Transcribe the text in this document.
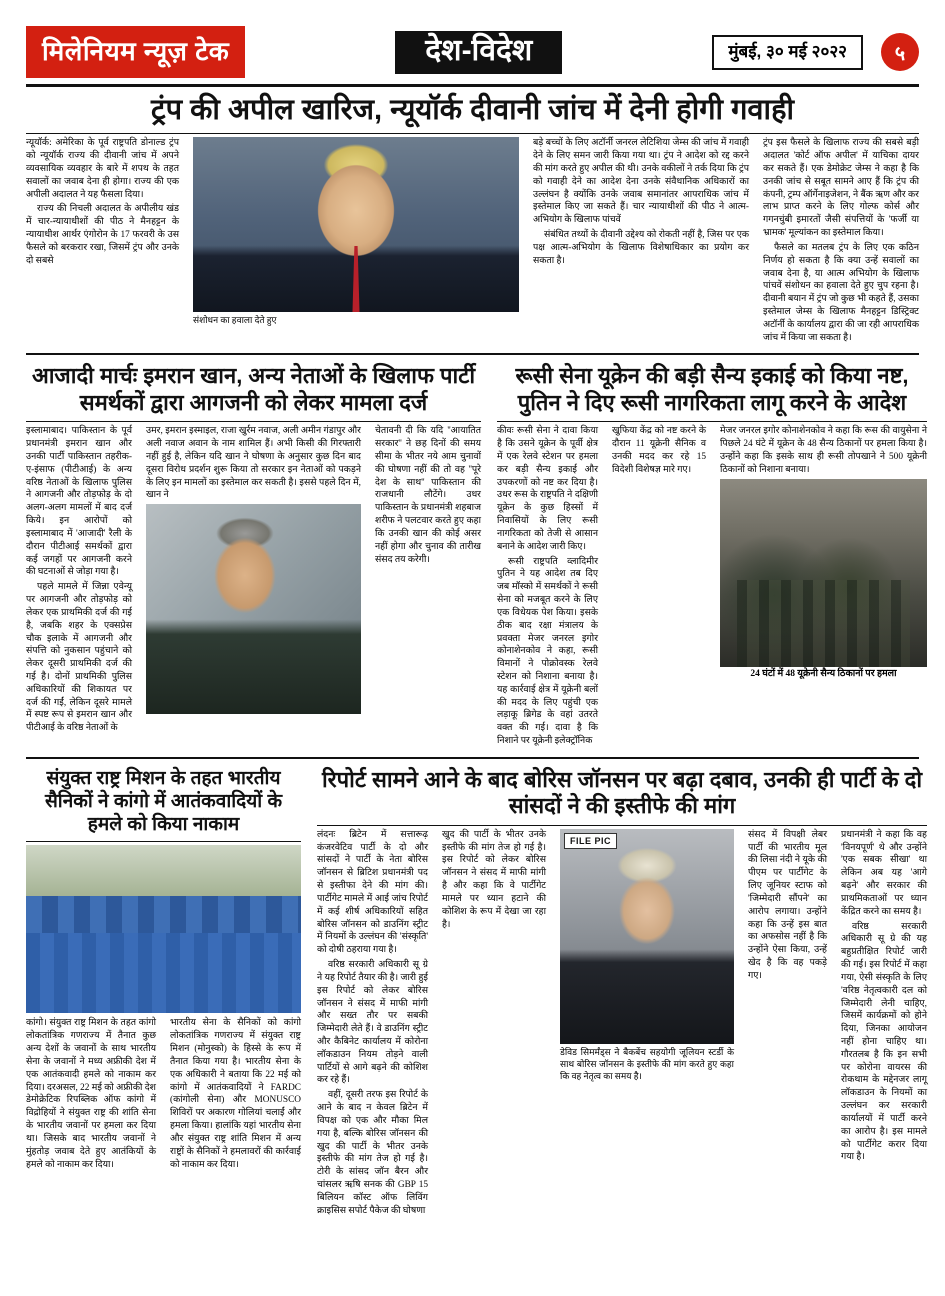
मिलेनियम न्यूज़ टेक	देश-विदेश	मुंबई, ३० मई २०२२	५
ट्रंप की अपील खारिज, न्यूयॉर्क दीवानी जांच में देनी होगी गवाही

न्यूयॉर्क: अमेरिका के पूर्व राष्ट्रपति डोनाल्ड ट्रंप को न्यूयॉर्क राज्य की दीवानी जांच में अपने व्यवसायिक व्यवहार के बारे में शपथ के तहत सवालों का जवाब देना ही होगा। राज्य की एक अपीली अदालत ने यह फैसला दिया।

राज्य की निचली अदालत के अपीलीय खंड में चार-न्यायाधीशों की पीठ ने मैनहट्टन के न्यायाधीश आर्थर एंगोरोन के 17 फरवरी के उस फैसले को बरकरार रखा, जिसमें ट्रंप और उनके दो सबसे

संशोधन का हवाला देते हुए

बड़े बच्चों के लिए अटॉर्नी जनरल लेटिशिया जेम्स की जांच में गवाही देने के लिए समन जारी किया गया था। ट्रंप ने आदेश को रद्द करने की मांग करते हुए अपील की थी। उनके वकीलों ने तर्क दिया कि ट्रंप को गवाही देने का आदेश देना उनके संवैधानिक अधिकारों का उल्लंघन है क्योंकि उनके जवाब समानांतर आपराधिक जांच में इस्तेमाल किए जा सकते हैं। चार न्यायाधीशों की पीठ ने आत्म-अभियोग के खिलाफ पांचवें

संबंधित तथ्यों के दीवानी उद्देश्य को रोकती नहीं है, जिस पर एक पक्ष आत्म-अभियोग के खिलाफ विशेषाधिकार का प्रयोग कर सकता है।

ट्रंप इस फैसले के खिलाफ राज्य की सबसे बड़ी अदालत 'कोर्ट ऑफ अपील' में याचिका दायर कर सकते हैं। एक डेमोक्रेट जेम्स ने कहा है कि उनकी जांच से सबूत सामने आए हैं कि ट्रंप की कंपनी, ट्रम्प ऑर्गेनाइजेशन, ने बैंक ऋण और कर लाभ प्राप्त करने के लिए गोल्फ कोर्स और गगनचुंबी इमारतों जैसी संपत्तियों के 'फर्जी या भ्रामक' मूल्यांकन का इस्तेमाल किया।

फैसले का मतलब ट्रंप के लिए एक कठिन निर्णय हो सकता है कि क्या उन्हें सवालों का जवाब देना है, या आत्म अभियोग के खिलाफ पांचवें संशोधन का हवाला देते हुए चुप रहना है। दीवानी बयान में ट्रंप जो कुछ भी कहते हैं, उसका इस्तेमाल जेम्स के खिलाफ मैनहट्टन डिस्ट्रिक्ट अटॉर्नी के कार्यालय द्वारा की जा रही आपराधिक जांच में किया जा सकता है।

आजादी मार्चः इमरान खान, अन्य नेताओं के खिलाफ पार्टी समर्थकों द्वारा आगजनी को लेकर मामला दर्ज

इस्लामाबाद। पाकिस्तान के पूर्व प्रधानमंत्री इमरान खान और उनकी पार्टी पाकिस्तान तहरीक-ए-इंसाफ (पीटीआई) के अन्य वरिष्ठ नेताओं के खिलाफ पुलिस ने आगजनी और तोड़फोड़ के दो अलग-अलग मामलों में बाद दर्ज किये। इन आरोपों को इस्लामाबाद में 'आजादी' रैली के दौरान पीटीआई समर्थकों द्वारा कई जगहों पर आगजनी करने की घटनाओं से जोड़ा गया है।

पहले मामले में जिन्ना एवेन्यू पर आगजनी और तोड़फोड़ को लेकर एक प्राथमिकी दर्ज की गई है, जबकि शहर के एक्सप्रेस चौक इलाके में आगजनी और संपत्ति को नुकसान पहुंचाने को लेकर दूसरी प्राथमिकी दर्ज की गई है। दोनों प्राथमिकी पुलिस अधिकारियों की शिकायत पर दर्ज की गईं, लेकिन दूसरे मामले में स्पष्ट रूप से इमरान खान और पीटीआई के वरिष्ठ नेताओं के

उमर, इमरान इस्माइल, राजा खुर्रम नवाज, अली अमीन गंडापुर और अली नवाज अवान के नाम शामिल हैं। अभी किसी की गिरफ्तारी नहीं हुई है, लेकिन यदि खान ने घोषणा के अनुसार कुछ दिन बाद दूसरा विरोध प्रदर्शन शुरू किया तो सरकार इन नेताओं को पकड़ने के लिए इन मामलों का इस्तेमाल कर सकती है। इससे पहले दिन में, खान ने

चेतावनी दी कि यदि ''आयातित सरकार'' ने छह दिनों की समय सीमा के भीतर नये आम चुनावों की घोषणा नहीं की तो वह ''पूरे देश के साथ'' पाकिस्तान की राजधानी लौटेंगे। उधर पाकिस्तान के प्रधानमंत्री शहबाज शरीफ ने पलटवार करते हुए कहा कि उनकी खान की कोई असर नहीं होगा और चुनाव की तारीख संसद तय करेगी।

रूसी सेना यूक्रेन की बड़ी सैन्य इकाई को किया नष्ट, पुतिन ने दिए रूसी नागरिकता लागू करने के आदेश

कीवः रूसी सेना ने दावा किया है कि उसने यूक्रेन के पूर्वी क्षेत्र में एक रेलवे स्टेशन पर हमला कर बड़ी सैन्य इकाई और उपकरणों को नष्ट कर दिया है। उधर रूस के राष्ट्रपति ने दक्षिणी यूक्रेन के कुछ हिस्सों में निवासियों के लिए रूसी नागरिकता को तेजी से आसान बनाने के आदेश जारी किए।

रूसी राष्ट्रपति व्लादिमीर पुतिन ने यह आदेश तब दिए जब मॉस्को में समर्थकों ने रूसी सेना को मजबूत करने के लिए एक विधेयक पेश किया। इसके ठीक बाद रक्षा मंत्रालय के प्रवक्ता मेजर जनरल इगोर कोनाशेनकोव ने कहा, रूसी विमानों ने पोक्रोवस्क रेलवे स्टेशन को निशाना बनाया है। यह कार्रवाई क्षेत्र में यूक्रेनी बलों की मदद के लिए पहुंची एक लड़ाकू ब्रिगेड के वहां उतरते वक्त की गई। दावा है कि निशाने पर यूक्रेनी इलेक्ट्रॉनिक

खुफिया केंद्र को नष्ट करने के दौरान 11 यूक्रेनी सैनिक व उनकी मदद कर रहे 15 विदेशी विशेषज्ञ मारे गए।

मेजर जनरल इगोर कोनाशेनकोव ने कहा कि रूस की वायुसेना ने पिछले 24 घंटे में यूक्रेन के 48 सैन्य ठिकानों पर हमला किया है। उन्होंने कहा कि इसके साथ ही रूसी तोपखाने ने 500 यूक्रेनी ठिकानों को निशाना बनाया।

24 घंटों में 48 यूक्रेनी सैन्य ठिकानों पर हमला
संयुक्त राष्ट्र मिशन के तहत भारतीय सैनिकों ने कांगो में आतंकवादियों के हमले को किया नाकाम

कांगो। संयुक्त राष्ट्र मिशन के तहत कांगो लोकतांत्रिक गणराज्य में तैनात कुछ अन्य देशों के जवानों के साथ भारतीय सेना के जवानों ने मध्य अफ्रीकी देश में एक आतंकवादी हमले को नाकाम कर दिया। दरअसल, 22 मई को अफ्रीकी देश डेमोक्रेटिक रिपब्लिक ऑफ कांगो में विद्रोहियों ने संयुक्त राष्ट्र की शांति सेना के भारतीय जवानों पर हमला कर दिया था। जिसके बाद भारतीय जवानों ने मुंहतोड़ जवाब देते हुए आतंकियों के हमले को नाकाम कर दिया।

भारतीय सेना के सैनिकों को कांगो लोकतांत्रिक गणराज्य में संयुक्त राष्ट्र मिशन (मोनुस्को) के हिस्से के रूप में तैनात किया गया है। भारतीय सेना के एक अधिकारी ने बताया कि 22 मई को कांगो में आतंकवादियों ने FARDC (कांगोली सेना) और MONUSCO शिविरों पर अकारण गोलियां चलाईं और हमला किया। हालांकि यहां भारतीय सेना और संयुक्त राष्ट्र शांति मिशन में अन्य राष्ट्रों के सैनिकों ने हमलावरों की कार्रवाई को नाकाम कर दिया।

रिपोर्ट सामने आने के बाद बोरिस जॉनसन पर बढ़ा दबाव, उनकी ही पार्टी के दो सांसदों ने की इस्तीफे की मांग

लंदनः ब्रिटेन में सत्तारूढ़ कंजरवेटिव पार्टी के दो और सांसदों ने पार्टी के नेता बोरिस जॉनसन से ब्रिटिश प्रधानमंत्री पद से इस्तीफा देने की मांग की। पार्टीगेट मामले में आई जांच रिपोर्ट में कई शीर्ष अधिकारियों सहित बोरिस जॉनसन को डाउनिंग स्ट्रीट में नियमों के उल्लंघन की 'संस्कृति' को दोषी ठहराया गया है।

वरिष्ठ सरकारी अधिकारी सू ग्रे ने यह रिपोर्ट तैयार की है। जारी हुई इस रिपोर्ट को लेकर बोरिस जॉनसन ने संसद में माफी मांगी और सख्त तौर पर सबकी जिम्मेदारी लेते हैं। वे डाउनिंग स्ट्रीट और कैबिनेट कार्यालय में कोरोना लॉकडाउन नियम तोड़ने वाली पार्टियों से आगे बढ़ने की कोशिश कर रहे हैं।

वहीं, दूसरी तरफ इस रिपोर्ट के आने के बाद न केवल ब्रिटेन में विपक्ष को एक और मौका मिल गया है, बल्कि बोरिस जॉनसन की खुद की पार्टी के भीतर उनके इस्तीफे की मांग तेज हो गई है। टोरी के सांसद जॉन बैरन और चांसलर ऋषि सनक की GBP 15 बिलियन कॉस्ट ऑफ लिविंग क्राइसिस सपोर्ट पैकेज की घोषणा

खुद की पार्टी के भीतर उनके इस्तीफे की मांग तेज हो गई है। इस रिपोर्ट को लेकर बोरिस जॉनसन ने संसद में माफी मांगी है और कहा कि वे पार्टीगेट मामले पर ध्यान हटाने की कोशिश के रूप में देखा जा रहा है।

FILE PIC
डेविड सिमर्मंड्स ने बैकबेंच सहयोगी जूलियन स्टर्डी के साथ बोरिस जॉनसन के इस्तीफे की मांग करते हुए कहा कि वह नेतृत्व का समय है।

संसद में विपक्षी लेबर पार्टी की भारतीय मूल की लिसा नंदी ने यूके की पीएम पर पार्टीगेट के लिए जूनियर स्टाफ को 'जिम्मेदारी सौंपने' का आरोप लगाया। उन्होंने कहा कि उन्हें इस बात का अफसोस नहीं है कि उन्होंने ऐसा किया, उन्हें खेद है कि वह पकड़े गए।

प्रधानमंत्री ने कहा कि वह 'विनयपूर्ण' थे और उन्होंने 'एक सबक सीखा' था लेकिन अब यह 'आगे बढ़ने' और सरकार की प्राथमिकताओं पर ध्यान केंद्रित करने का समय है।

वरिष्ठ सरकारी अधिकारी सू ग्रे की यह बहुप्रतीक्षित रिपोर्ट जारी की गई। इस रिपोर्ट में कहा गया, ऐसी संस्कृति के लिए 'वरिष्ठ नेतृत्वकारी दल को जिम्मेदारी लेनी चाहिए, जिसमें कार्यक्रमों को होने दिया, जिनका आयोजन नहीं होना चाहिए था। गौरतलब है कि इन सभी पर कोरोना वायरस की रोकथाम के मद्देनजर लागू लॉकडाउन के नियमों का उल्लंघन कर सरकारी कार्यालयों में पार्टी करने का आरोप है। इस मामले को पार्टीगेट करार दिया गया है।
